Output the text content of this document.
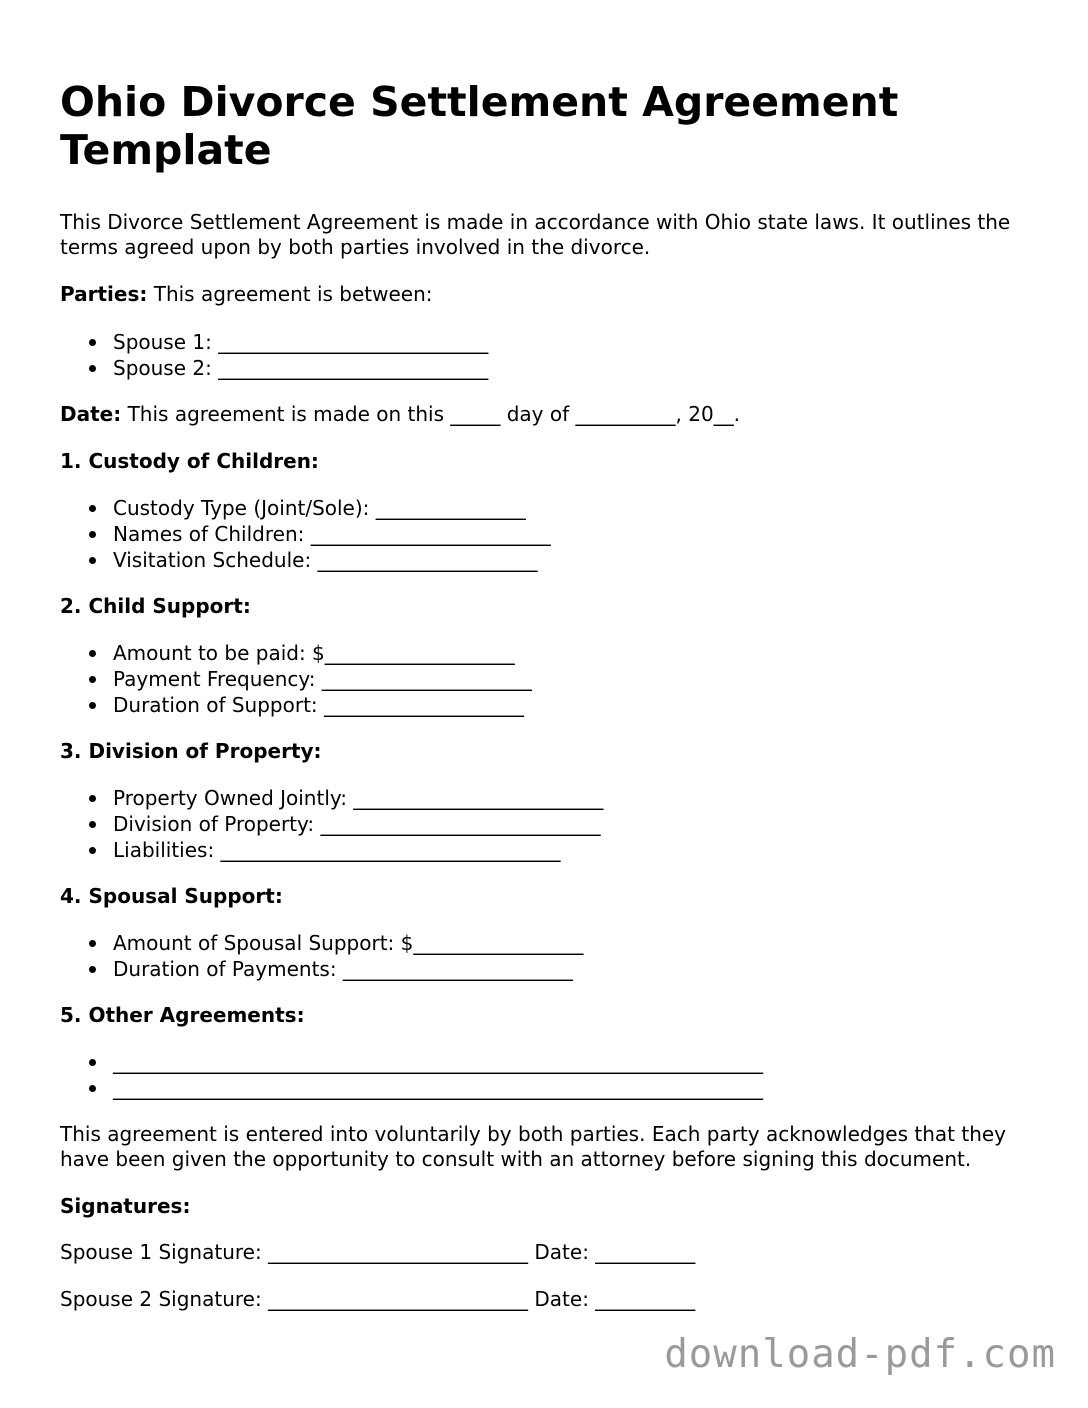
Ohio Divorce Settlement Agreement Template

This Divorce Settlement Agreement is made in accordance with Ohio state laws. It outlines the terms agreed upon by both parties involved in the divorce.

Parties: This agreement is between:

Spouse 1: ___________________________
Spouse 2: ___________________________

Date: This agreement is made on this _____ day of __________, 20__.

1. Custody of Children:
Custody Type (Joint/Sole): _______________
Names of Children: ________________________
Visitation Schedule: ______________________
2. Child Support:
Amount to be paid: $___________________
Payment Frequency: _____________________
Duration of Support: ____________________
3. Division of Property:
Property Owned Jointly: _________________________
Division of Property: ____________________________
Liabilities: __________________________________
4. Spousal Support:
Amount of Spousal Support: $_________________
Duration of Payments: _______________________
5. Other Agreements:
_________________________________________________________________
_________________________________________________________________

This agreement is entered into voluntarily by both parties. Each party acknowledges that they have been given the opportunity to consult with an attorney before signing this document.

Signatures:
Spouse 1 Signature: __________________________ Date: __________
Spouse 2 Signature: __________________________ Date: __________
download-pdf.com
